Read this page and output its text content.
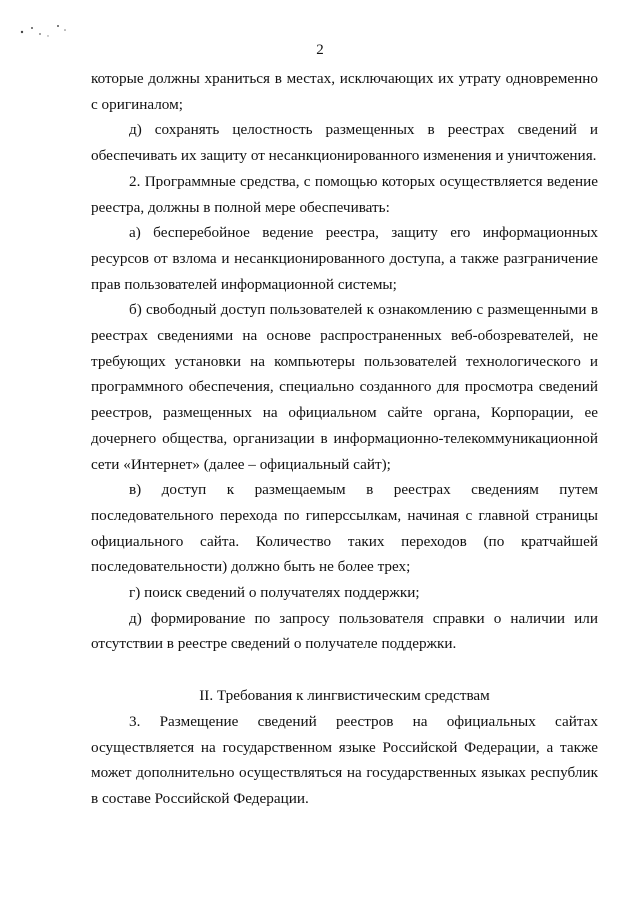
2

которые должны храниться в местах, исключающих их утрату одновременно с оригиналом;

д) сохранять целостность размещенных в реестрах сведений и обеспечивать их защиту от несанкционированного изменения и уничтожения.

2. Программные средства, с помощью которых осуществляется ведение реестра, должны в полной мере обеспечивать:

а) бесперебойное ведение реестра, защиту его информационных ресурсов от взлома и несанкционированного доступа, а также разграничение прав пользователей информационной системы;

б) свободный доступ пользователей к ознакомлению с размещенными в реестрах сведениями на основе распространенных веб-обозревателей, не требующих установки на компьютеры пользователей технологического и программного обеспечения, специально созданного для просмотра сведений реестров, размещенных на официальном сайте органа, Корпорации, ее дочернего общества, организации в информационно-телекоммуникационной сети «Интернет» (далее – официальный сайт);

в) доступ к размещаемым в реестрах сведениям путем последовательного перехода по гиперссылкам, начиная с главной страницы официального сайта. Количество таких переходов (по кратчайшей последовательности) должно быть не более трех;

г) поиск сведений о получателях поддержки;

д) формирование по запросу пользователя справки о наличии или отсутствии в реестре сведений о получателе поддержки.

II. Требования к лингвистическим средствам

3. Размещение сведений реестров на официальных сайтах осуществляется на государственном языке Российской Федерации, а также может дополнительно осуществляться на государственных языках республик в составе Российской Федерации.
